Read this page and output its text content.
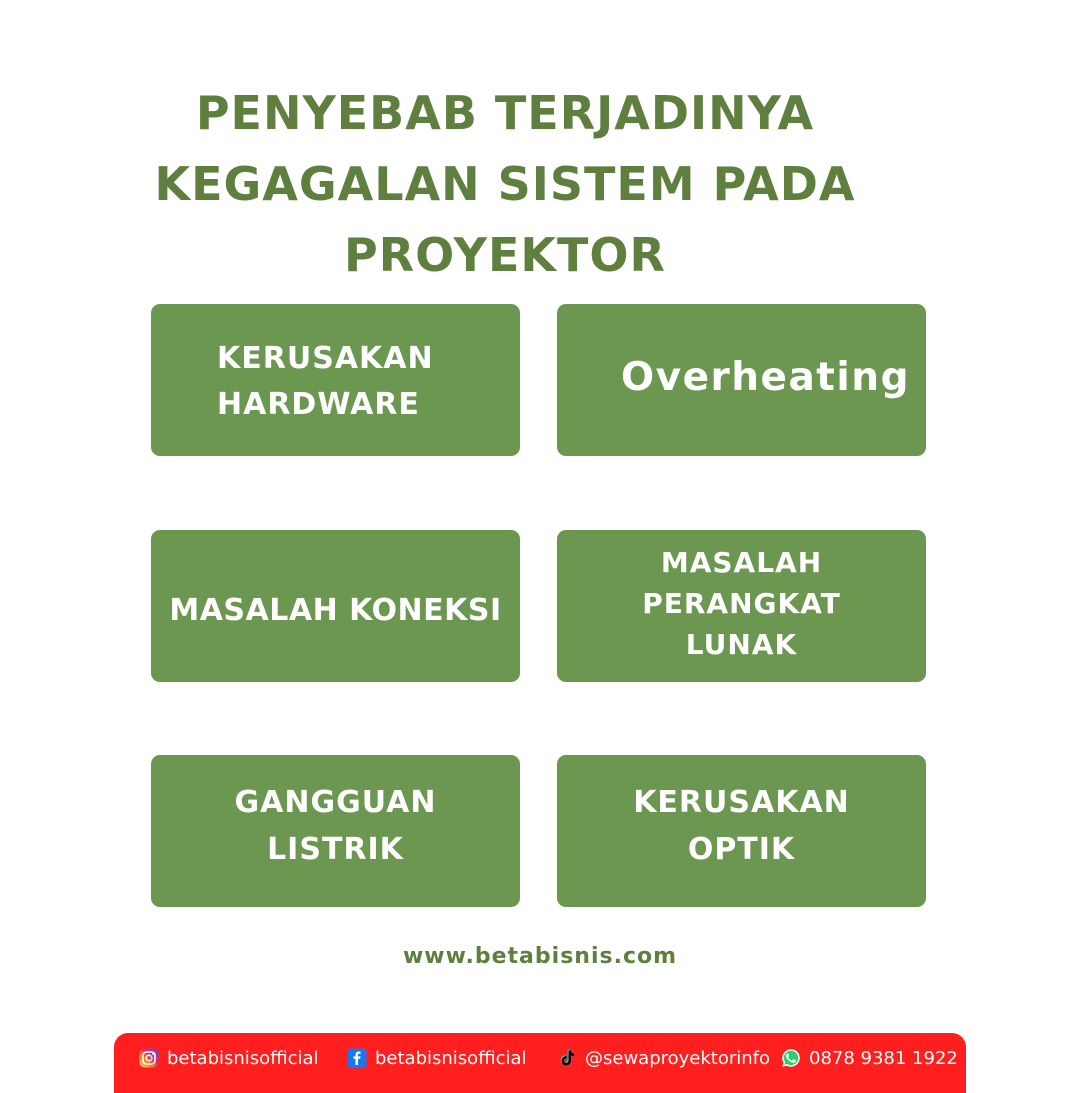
PENYEBAB TERJADINYA
KEGAGALAN SISTEM PADA
PROYEKTOR
KERUSAKAN
HARDWARE
Overheating
MASALAH KONEKSI
MASALAH
PERANGKAT
LUNAK
GANGGUAN
LISTRIK
KERUSAKAN
OPTIK
www.betabisnis.com
betabisnisofficial	betabisnisofficial	@sewaproyektorinfo 0878 9381 1922
